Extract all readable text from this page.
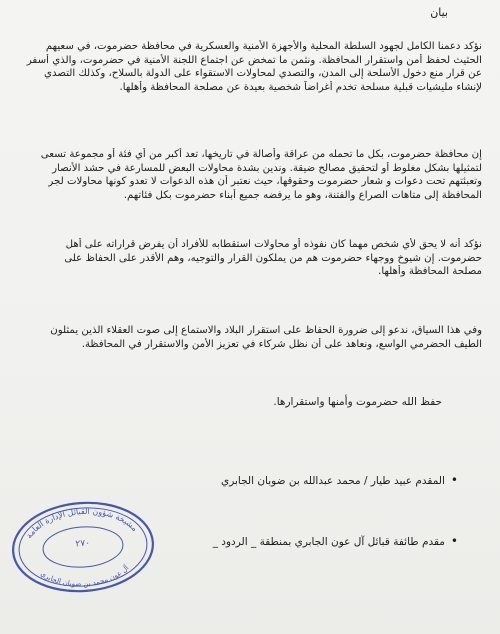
بيان

نؤكد دعمنا الكامل لجهود السلطة المحلية والأجهزة الأمنية والعسكرية في محافظة حضرموت، في سعيهم
الحثيث لحفظ أمن واستقرار المحافظة. ونثمن ما تمخض عن اجتماع اللجنة الأمنية في حضرموت، والذي أسفر
عن قرار منع دخول الأسلحة إلى المدن، والتصدي لمحاولات الاستقواء على الدولة بالسلاح، وكذلك التصدي
لإنشاء مليشيات قبلية مسلحة تخدم أغراضاً شخصية بعيدة عن مصلحة المحافظة وأهلها.

إن محافظة حضرموت، بكل ما تحمله من عراقة وأصالة في تاريخها، تعد أكبر من أي فئة أو مجموعة تسعى
لتمثيلها بشكل مغلوط أو لتحقيق مصالح ضيقة. وندين بشدة محاولات البعض للمسارعة في حشد الأنصار
وتعبئتهم تحت دعوات و شعار حضرموت وحقوقها، حيث نعتبر أن هذه الدعوات لا تعدو كونها محاولات لجر
المحافظة إلى متاهات الصراع والفتنة، وهو ما يرفضه جميع أبناء حضرموت بكل فئاتهم.

نؤكد أنه لا يحق لأي شخص مهما كان نفوذه أو محاولات استقطابه للأفراد أن يفرض قراراته على أهل
حضرموت. إن شيوخ ووجهاء حضرموت هم من يملكون القرار والتوجيه، وهم الأقدر على الحفاظ على
مصلحة المحافظة وأهلها.

وفي هذا السياق، ندعو إلى ضرورة الحفاظ على استقرار البلاد والاستماع إلى صوت العقلاء الذين يمثلون
الطيف الحضرمي الواسع، ونعاهد على أن نظل شركاء في تعزيز الأمن والاستقرار في المحافظة.

حفظ الله حضرموت وأمنها واستقرارها.
•المقدم عبيد طيار / محمد عبدالله بن ضوبان الجابري
•مقدم طائفة قبائل آل عون الجابري بمنطقة _ الردود _
مشيخة شؤون القبائل الإدارة العامة
٢٧٠
آل عون محمد بن ضوبان الجابري
